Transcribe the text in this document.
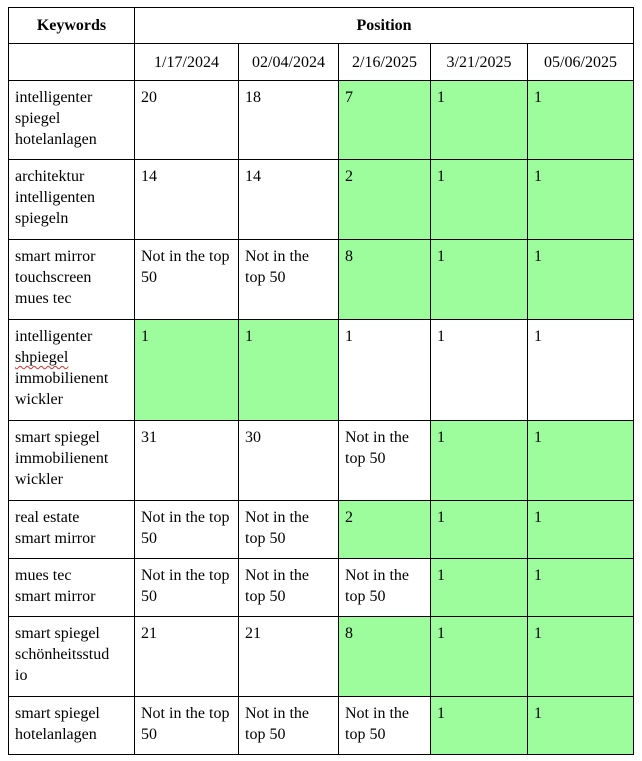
Keywords	Position				
	1/17/2024	02/04/2024	2/16/2025	3/21/2025	05/06/2025

intelligenter
spiegel
hotelanlagen	20	18	7	1	1

architektur
intelligenten
spiegeln	14	14	2	1	1

smart mirror
touchscreen
mues tec	Not in the top 50	Not in the top 50	8	1	1

intelligenter
shpiegel
immobilienent
wickler	1	1	1	1	1

smart spiegel
immobilienent
wickler	31	30	Not in the top 50	1	1

real estate
smart mirror	Not in the top 50	Not in the top 50	2	1	1

mues tec
smart mirror	Not in the top 50	Not in the top 50	Not in the top 50	1	1

smart spiegel
schönheitsstud
io	21	21	8	1	1

smart spiegel
hotelanlagen	Not in the top 50	Not in the top 50	Not in the top 50	1	1
